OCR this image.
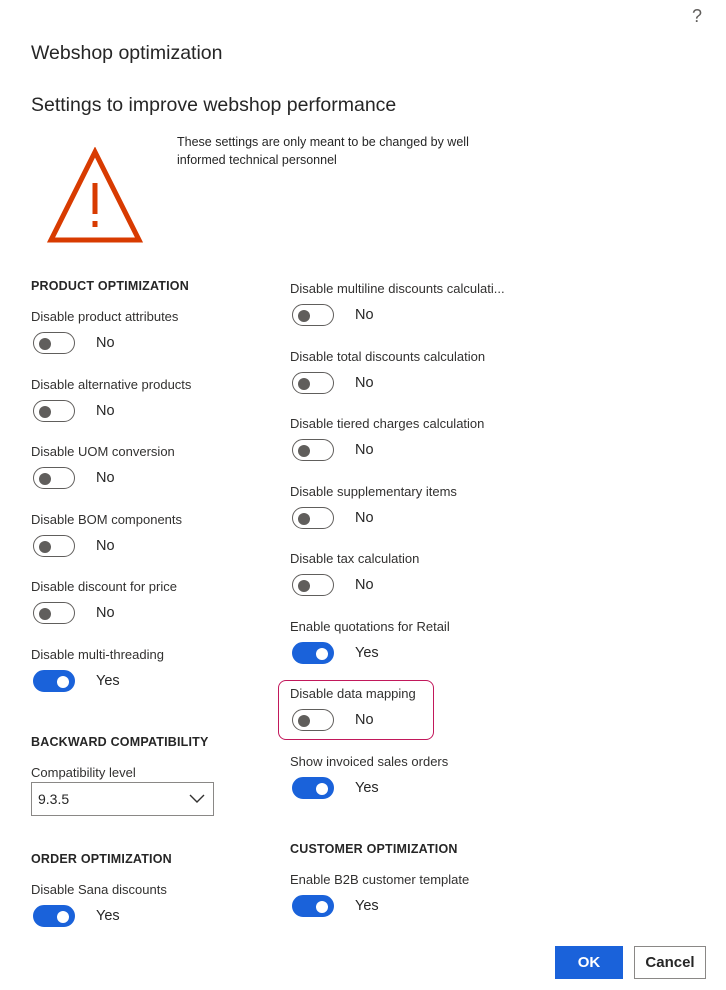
?
Webshop optimization
Settings to improve webshop performance
These settings are only meant to be changed by well informed technical personnel
PRODUCT OPTIMIZATION
Disable product attributes
No
Disable alternative products
No
Disable UOM conversion
No
Disable BOM components
No
Disable discount for price
No
Disable multi-threading
Yes
BACKWARD COMPATIBILITY
Compatibility level
9.3.5
ORDER OPTIMIZATION
Disable Sana discounts
Yes
Disable multiline discounts calculati...
No
Disable total discounts calculation
No
Disable tiered charges calculation
No
Disable supplementary items
No
Disable tax calculation
No
Enable quotations for Retail
Yes
Disable data mapping
No
Show invoiced sales orders
Yes
CUSTOMER OPTIMIZATION
Enable B2B customer template
Yes
OK	Cancel
